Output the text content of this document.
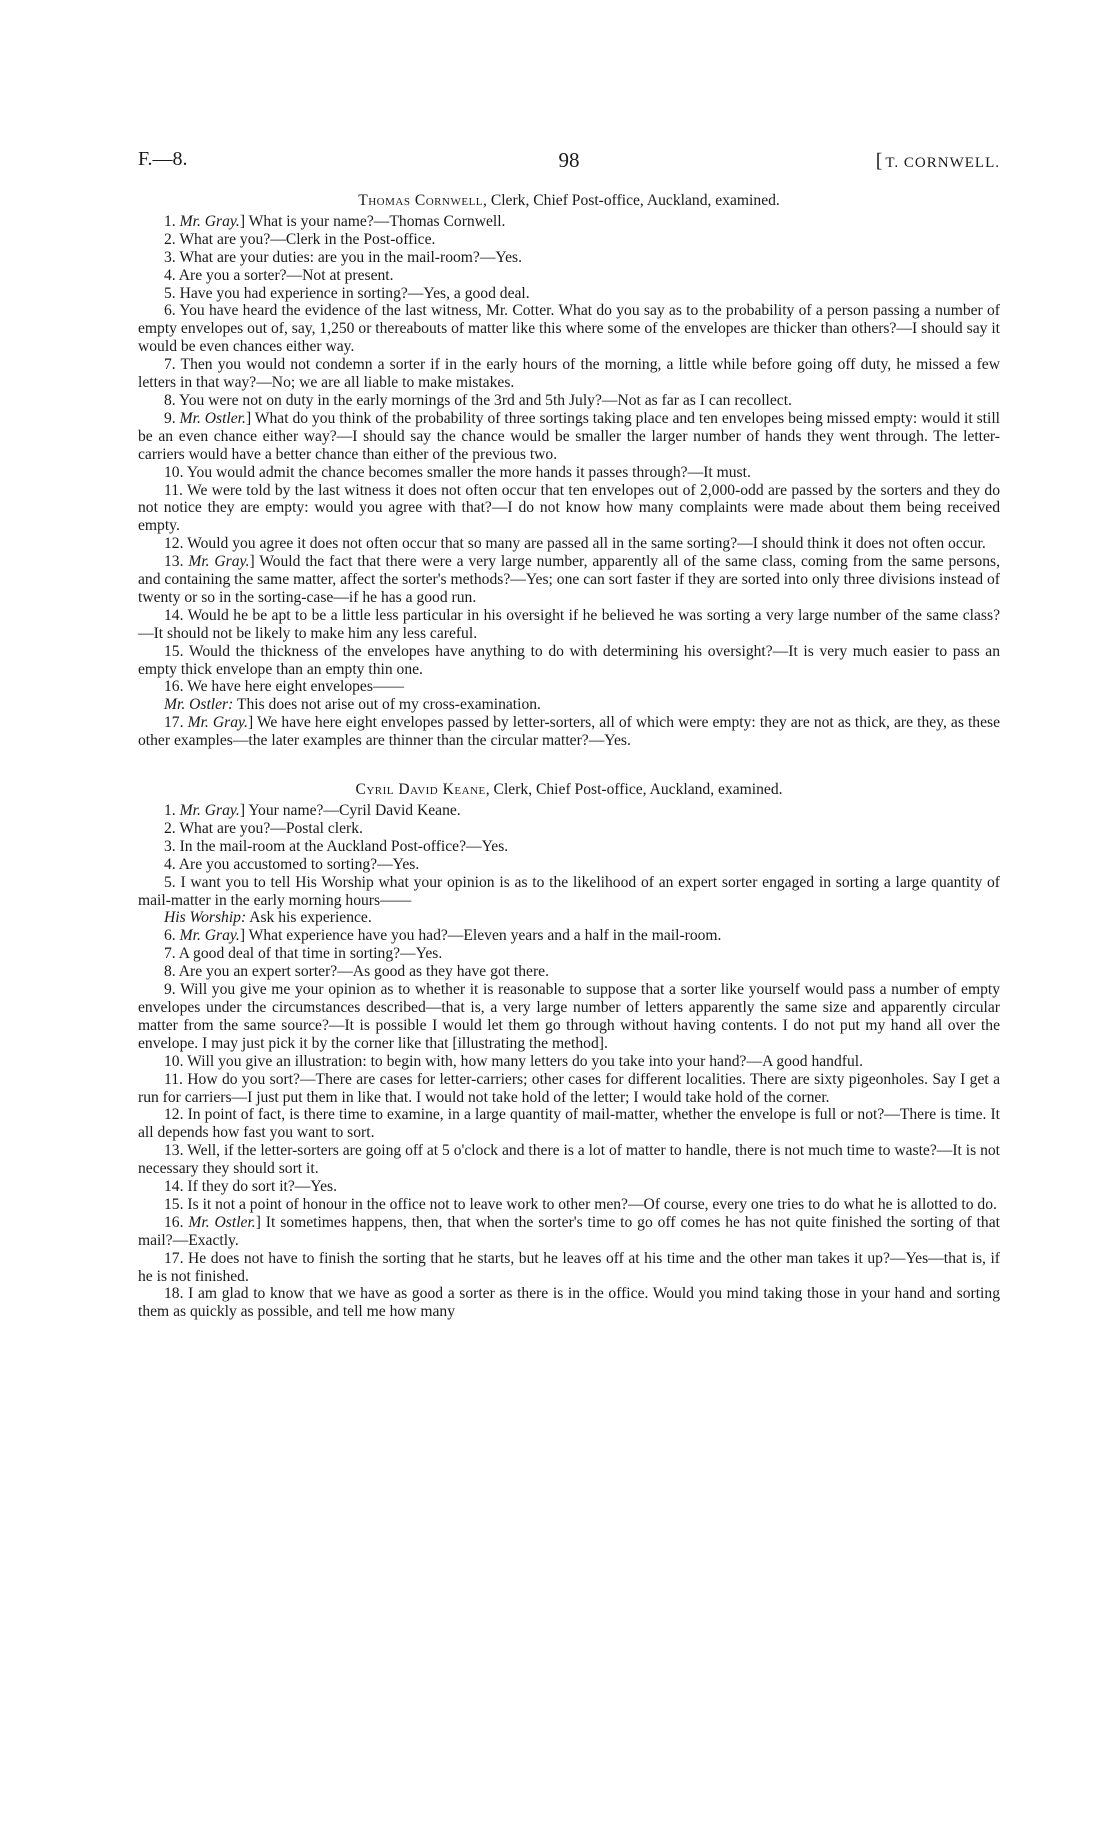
F.—8.	98	[ T. CORNWELL.
Thomas Cornwell, Clerk, Chief Post-office, Auckland, examined.

1. Mr. Gray.] What is your name?—Thomas Cornwell.

2. What are you?—Clerk in the Post-office.

3. What are your duties: are you in the mail-room?—Yes.

4. Are you a sorter?—Not at present.

5. Have you had experience in sorting?—Yes, a good deal.

6. You have heard the evidence of the last witness, Mr. Cotter. What do you say as to the probability of a person passing a number of empty envelopes out of, say, 1,250 or thereabouts of matter like this where some of the envelopes are thicker than others?—I should say it would be even chances either way.

7. Then you would not condemn a sorter if in the early hours of the morning, a little while before going off duty, he missed a few letters in that way?—No; we are all liable to make mistakes.

8. You were not on duty in the early mornings of the 3rd and 5th July?—Not as far as I can recollect.

9. Mr. Ostler.] What do you think of the probability of three sortings taking place and ten envelopes being missed empty: would it still be an even chance either way?—I should say the chance would be smaller the larger number of hands they went through. The letter-carriers would have a better chance than either of the previous two.

10. You would admit the chance becomes smaller the more hands it passes through?—It must.

11. We were told by the last witness it does not often occur that ten envelopes out of 2,000-odd are passed by the sorters and they do not notice they are empty: would you agree with that?—I do not know how many complaints were made about them being received empty.

12. Would you agree it does not often occur that so many are passed all in the same sorting?—I should think it does not often occur.

13. Mr. Gray.] Would the fact that there were a very large number, apparently all of the same class, coming from the same persons, and containing the same matter, affect the sorter's methods?—Yes; one can sort faster if they are sorted into only three divisions instead of twenty or so in the sorting-case—if he has a good run.

14. Would he be apt to be a little less particular in his oversight if he believed he was sorting a very large number of the same class?—It should not be likely to make him any less careful.

15. Would the thickness of the envelopes have anything to do with determining his oversight?—It is very much easier to pass an empty thick envelope than an empty thin one.

16. We have here eight envelopes——

Mr. Ostler: This does not arise out of my cross-examination.

17. Mr. Gray.] We have here eight envelopes passed by letter-sorters, all of which were empty: they are not as thick, are they, as these other examples—the later examples are thinner than the circular matter?—Yes.

Cyril David Keane, Clerk, Chief Post-office, Auckland, examined.

1. Mr. Gray.] Your name?—Cyril David Keane.

2. What are you?—Postal clerk.

3. In the mail-room at the Auckland Post-office?—Yes.

4. Are you accustomed to sorting?—Yes.

5. I want you to tell His Worship what your opinion is as to the likelihood of an expert sorter engaged in sorting a large quantity of mail-matter in the early morning hours——

His Worship: Ask his experience.

6. Mr. Gray.] What experience have you had?—Eleven years and a half in the mail-room.

7. A good deal of that time in sorting?—Yes.

8. Are you an expert sorter?—As good as they have got there.

9. Will you give me your opinion as to whether it is reasonable to suppose that a sorter like yourself would pass a number of empty envelopes under the circumstances described—that is, a very large number of letters apparently the same size and apparently circular matter from the same source?—It is possible I would let them go through without having contents. I do not put my hand all over the envelope. I may just pick it by the corner like that [illustrating the method].

10. Will you give an illustration: to begin with, how many letters do you take into your hand?—A good handful.

11. How do you sort?—There are cases for letter-carriers; other cases for different localities. There are sixty pigeonholes. Say I get a run for carriers—I just put them in like that. I would not take hold of the letter; I would take hold of the corner.

12. In point of fact, is there time to examine, in a large quantity of mail-matter, whether the envelope is full or not?—There is time. It all depends how fast you want to sort.

13. Well, if the letter-sorters are going off at 5 o'clock and there is a lot of matter to handle, there is not much time to waste?—It is not necessary they should sort it.

14. If they do sort it?—Yes.

15. Is it not a point of honour in the office not to leave work to other men?—Of course, every one tries to do what he is allotted to do.

16. Mr. Ostler.] It sometimes happens, then, that when the sorter's time to go off comes he has not quite finished the sorting of that mail?—Exactly.

17. He does not have to finish the sorting that he starts, but he leaves off at his time and the other man takes it up?—Yes—that is, if he is not finished.

18. I am glad to know that we have as good a sorter as there is in the office. Would you mind taking those in your hand and sorting them as quickly as possible, and tell me how many
